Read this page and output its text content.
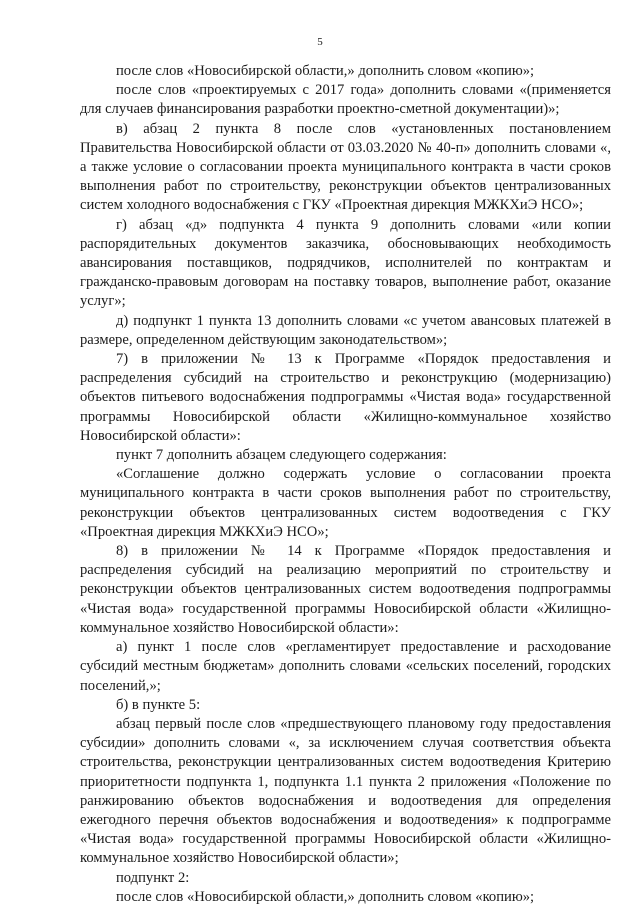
5

после слов «Новосибирской области,» дополнить словом «копию»;

после слов «проектируемых с 2017 года» дополнить словами «(применяется для случаев финансирования разработки проектно-сметной документации)»;

в) абзац 2 пункта 8 после слов «установленных постановлением Правительства Новосибирской области от 03.03.2020 № 40-п» дополнить словами «, а также условие о согласовании проекта муниципального контракта в части сроков выполнения работ по строительству, реконструкции объектов централизованных систем холодного водоснабжения с ГКУ «Проектная дирекция МЖКХиЭ НСО»;

г) абзац «д» подпункта 4 пункта 9 дополнить словами «или копии распорядительных документов заказчика, обосновывающих необходимость авансирования поставщиков, подрядчиков, исполнителей по контрактам и гражданско-правовым договорам на поставку товаров, выполнение работ, оказание услуг»;

д) подпункт 1 пункта 13 дополнить словами «с учетом авансовых платежей в размере, определенном действующим законодательством»;

7) в приложении № 13 к Программе «Порядок предоставления и распределения субсидий на строительство и реконструкцию (модернизацию) объектов питьевого водоснабжения подпрограммы «Чистая вода» государственной программы Новосибирской области «Жилищно-коммунальное хозяйство Новосибирской области»:

пункт 7 дополнить абзацем следующего содержания:

«Соглашение должно содержать условие о согласовании проекта муниципального контракта в части сроков выполнения работ по строительству, реконструкции объектов централизованных систем водоотведения с ГКУ «Проектная дирекция МЖКХиЭ НСО»;

8) в приложении № 14 к Программе «Порядок предоставления и распределения субсидий на реализацию мероприятий по строительству и реконструкции объектов централизованных систем водоотведения подпрограммы «Чистая вода» государственной программы Новосибирской области «Жилищно-коммунальное хозяйство Новосибирской области»:

а) пункт 1 после слов «регламентирует предоставление и расходование субсидий местным бюджетам» дополнить словами «сельских поселений, городских поселений,»;

б) в пункте 5:

абзац первый после слов «предшествующего плановому году предоставления субсидии» дополнить словами «, за исключением случая соответствия объекта строительства, реконструкции централизованных систем водоотведения Критерию приоритетности подпункта 1, подпункта 1.1 пункта 2 приложения «Положение по ранжированию объектов водоснабжения и водоотведения для определения ежегодного перечня объектов водоснабжения и водоотведения» к подпрограмме «Чистая вода» государственной программы Новосибирской области «Жилищно-коммунальное хозяйство Новосибирской области»;

подпункт 2:

после слов «Новосибирской области,» дополнить словом «копию»;
